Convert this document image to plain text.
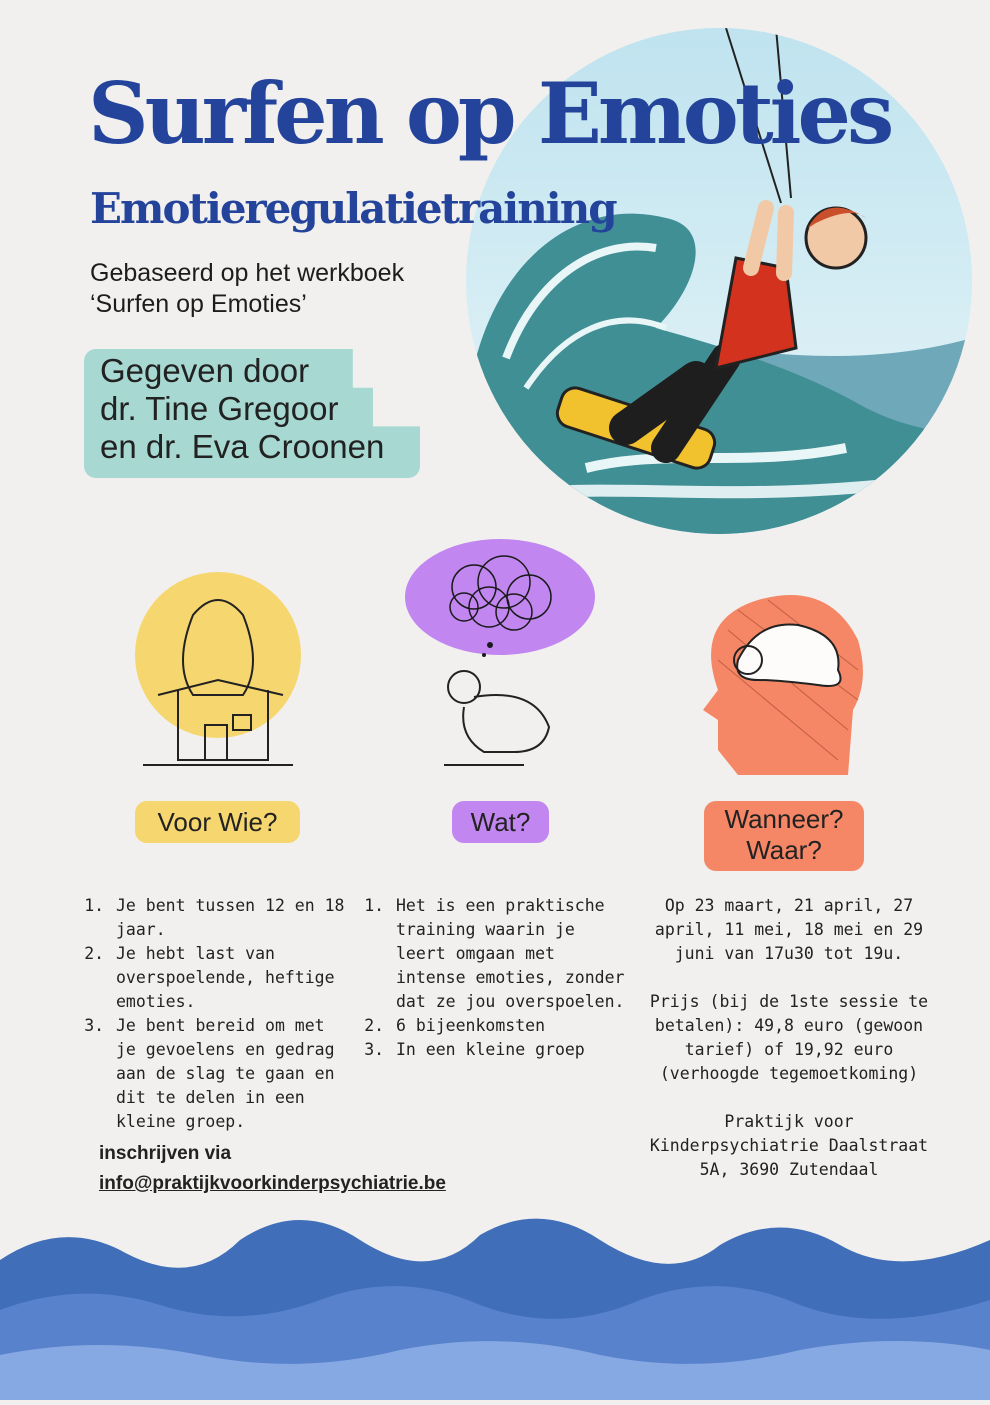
Surfen op Emoties
Emotieregulatietraining
Gebaseerd op het werkboek
‘Surfen op Emoties’
Gegeven door
dr. Tine Gregoor
en dr. Eva Croonen
Voor Wie?	Wat?	Wanneer?
Waar?
1. Je bent tussen 12 en 18 jaar.
2. Je hebt last van overspoelende, heftige emoties.
3. Je bent bereid om met je gevoelens en gedrag aan de slag te gaan en dit te delen in een kleine groep.
1. Het is een praktische training waarin je leert omgaan met intense emoties, zonder dat ze jou overspoelen.
2. 6 bijeenkomsten
3. In een kleine groep

Op 23 maart, 21 april, 27 april, 11 mei, 18 mei en 29 juni van 17u30 tot 19u.

Prijs (bij de 1ste sessie te betalen): 49,8 euro (gewoon tarief) of 19,92 euro (verhoogde tegemoetkoming)

Praktijk voor Kinderpsychiatrie Daalstraat 5A, 3690 Zutendaal

inschrijven via
info@praktijkvoorkinderpsychiatrie.be
